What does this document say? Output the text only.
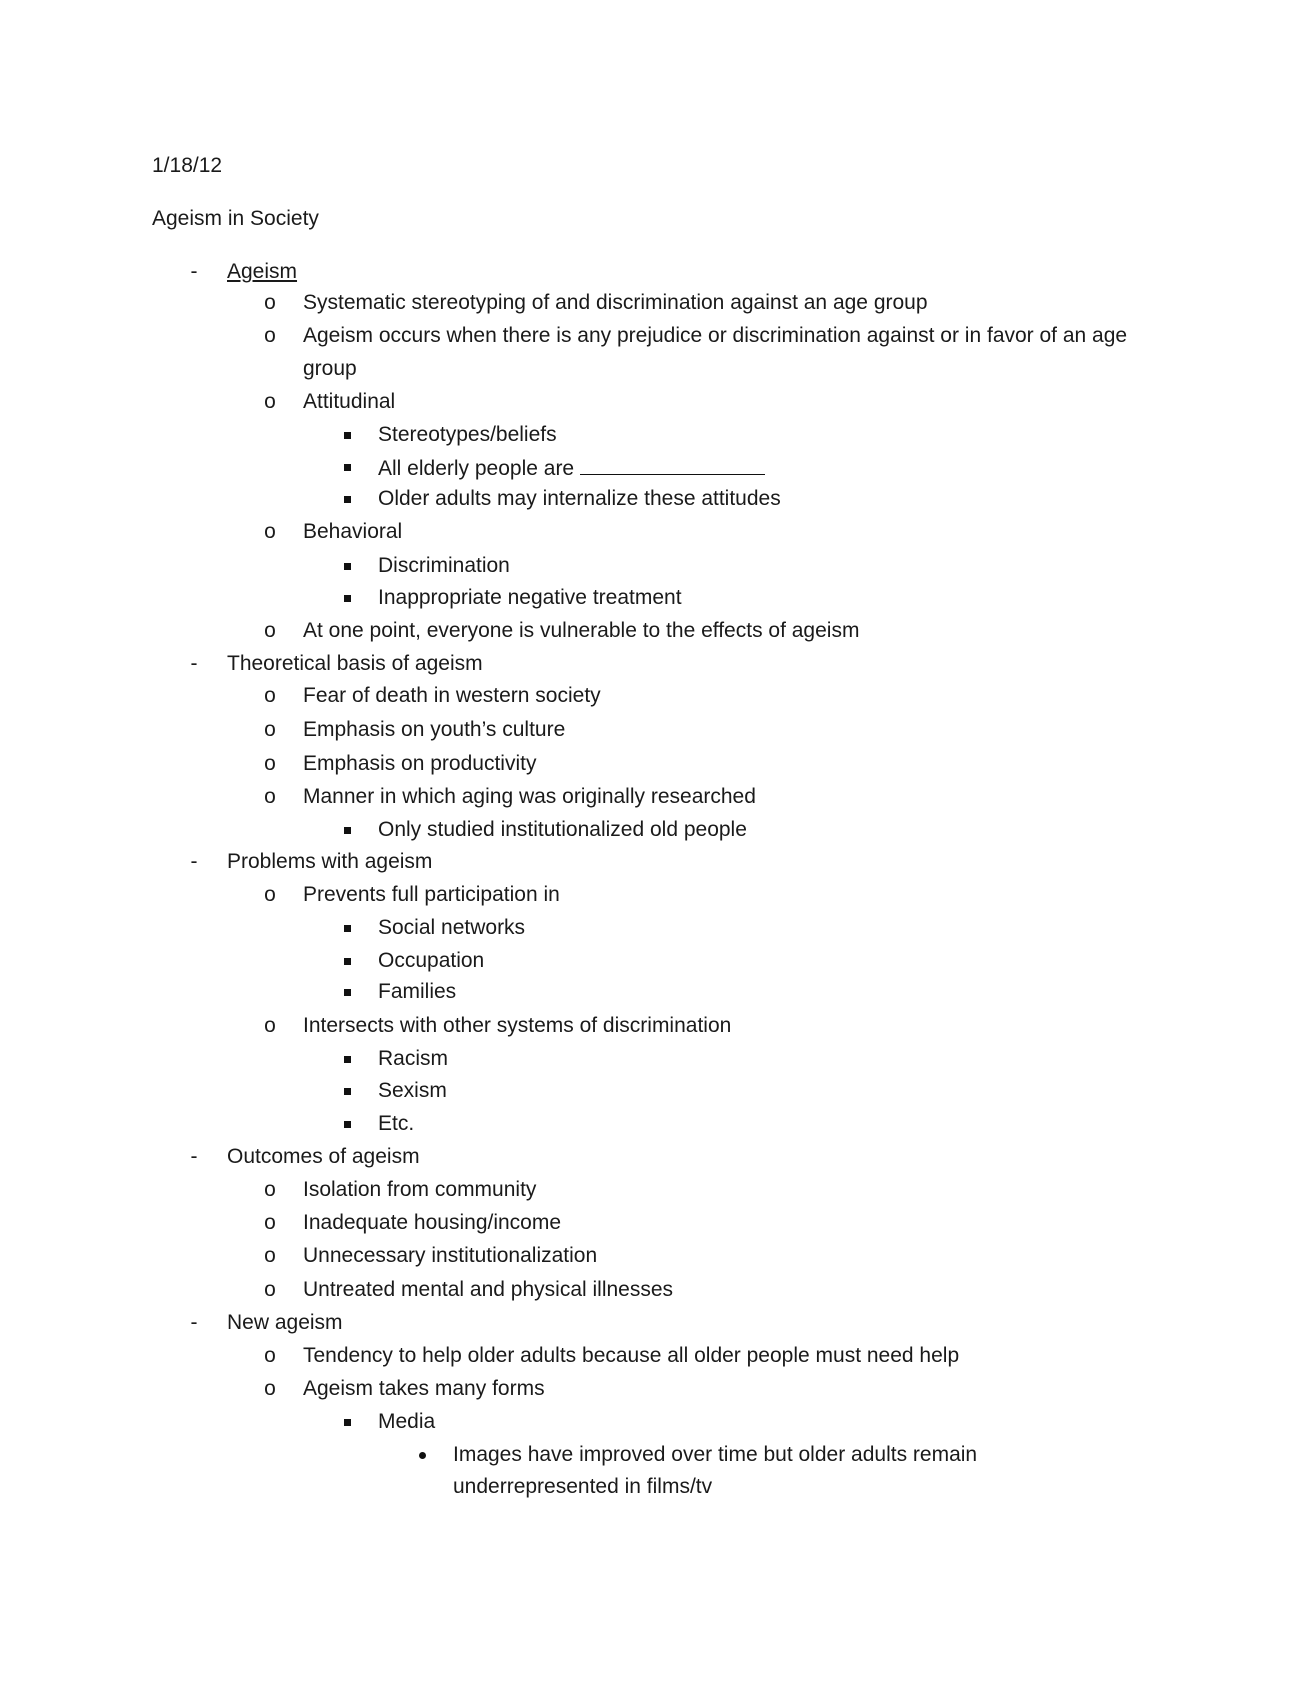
1/18/12
Ageism in Society
-	Ageism
o Systematic stereotyping of and discrimination against an age group
o Ageism occurs when there is any prejudice or discrimination against or in favor of an age
group
o Attitudinal
Stereotypes/beliefs
All elderly people are
Older adults may internalize these attitudes
o Behavioral
Discrimination
Inappropriate negative treatment
o At one point, everyone is vulnerable to the effects of ageism
-	Theoretical basis of ageism
o Fear of death in western society
o Emphasis on youth’s culture
o Emphasis on productivity
o Manner in which aging was originally researched
Only studied institutionalized old people
-	Problems with ageism
o Prevents full participation in
Social networks
Occupation
Families
o Intersects with other systems of discrimination
Racism
Sexism
Etc.
-	Outcomes of ageism
o Isolation from community
o Inadequate housing/income
o Unnecessary institutionalization
o Untreated mental and physical illnesses
-	New ageism
o Tendency to help older adults because all older people must need help
o Ageism takes many forms
Media
Images have improved over time but older adults remain
underrepresented in films/tv
